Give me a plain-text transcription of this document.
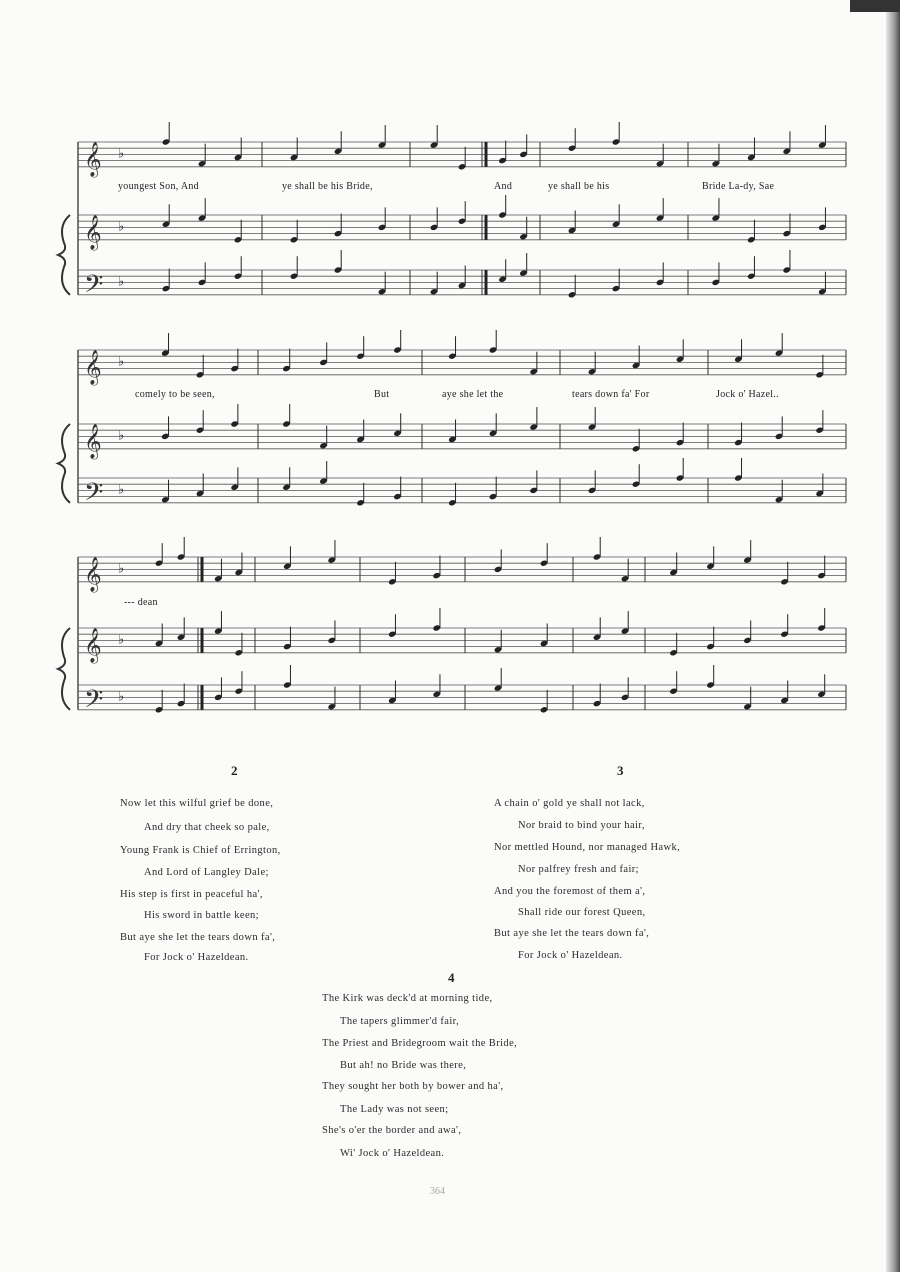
𝄞 ♭
𝄞 ♭
𝄢 ♭
𝄞 ♭
𝄞 ♭
𝄢 ♭
𝄞 ♭
𝄞 ♭
𝄢 ♭
youngest Son, And	ye shall be his Bride,	And	ye shall be his	Bride La-dy, Sae
comely to be seen,	But	aye she let the	tears down fa' For	Jock o' Hazel..
--- dean
2
Now let this wilful grief be done,
And dry that cheek so pale,
Young Frank is Chief of Errington,
And Lord of Langley Dale;
His step is first in peaceful ha',
His sword in battle keen;
But aye she let the tears down fa',
For Jock o' Hazeldean.
3
A chain o' gold ye shall not lack,
Nor braid to bind your hair,
Nor mettled Hound, nor managed Hawk,
Nor palfrey fresh and fair;
And you the foremost of them a',
Shall ride our forest Queen,
But aye she let the tears down fa',
For Jock o' Hazeldean.
4
The Kirk was deck'd at morning tide,
The tapers glimmer'd fair,
The Priest and Bridegroom wait the Bride,
But ah! no Bride was there,
They sought her both by bower and ha',
The Lady was not seen;
She's o'er the border and awa',
Wi' Jock o' Hazeldean.
364
